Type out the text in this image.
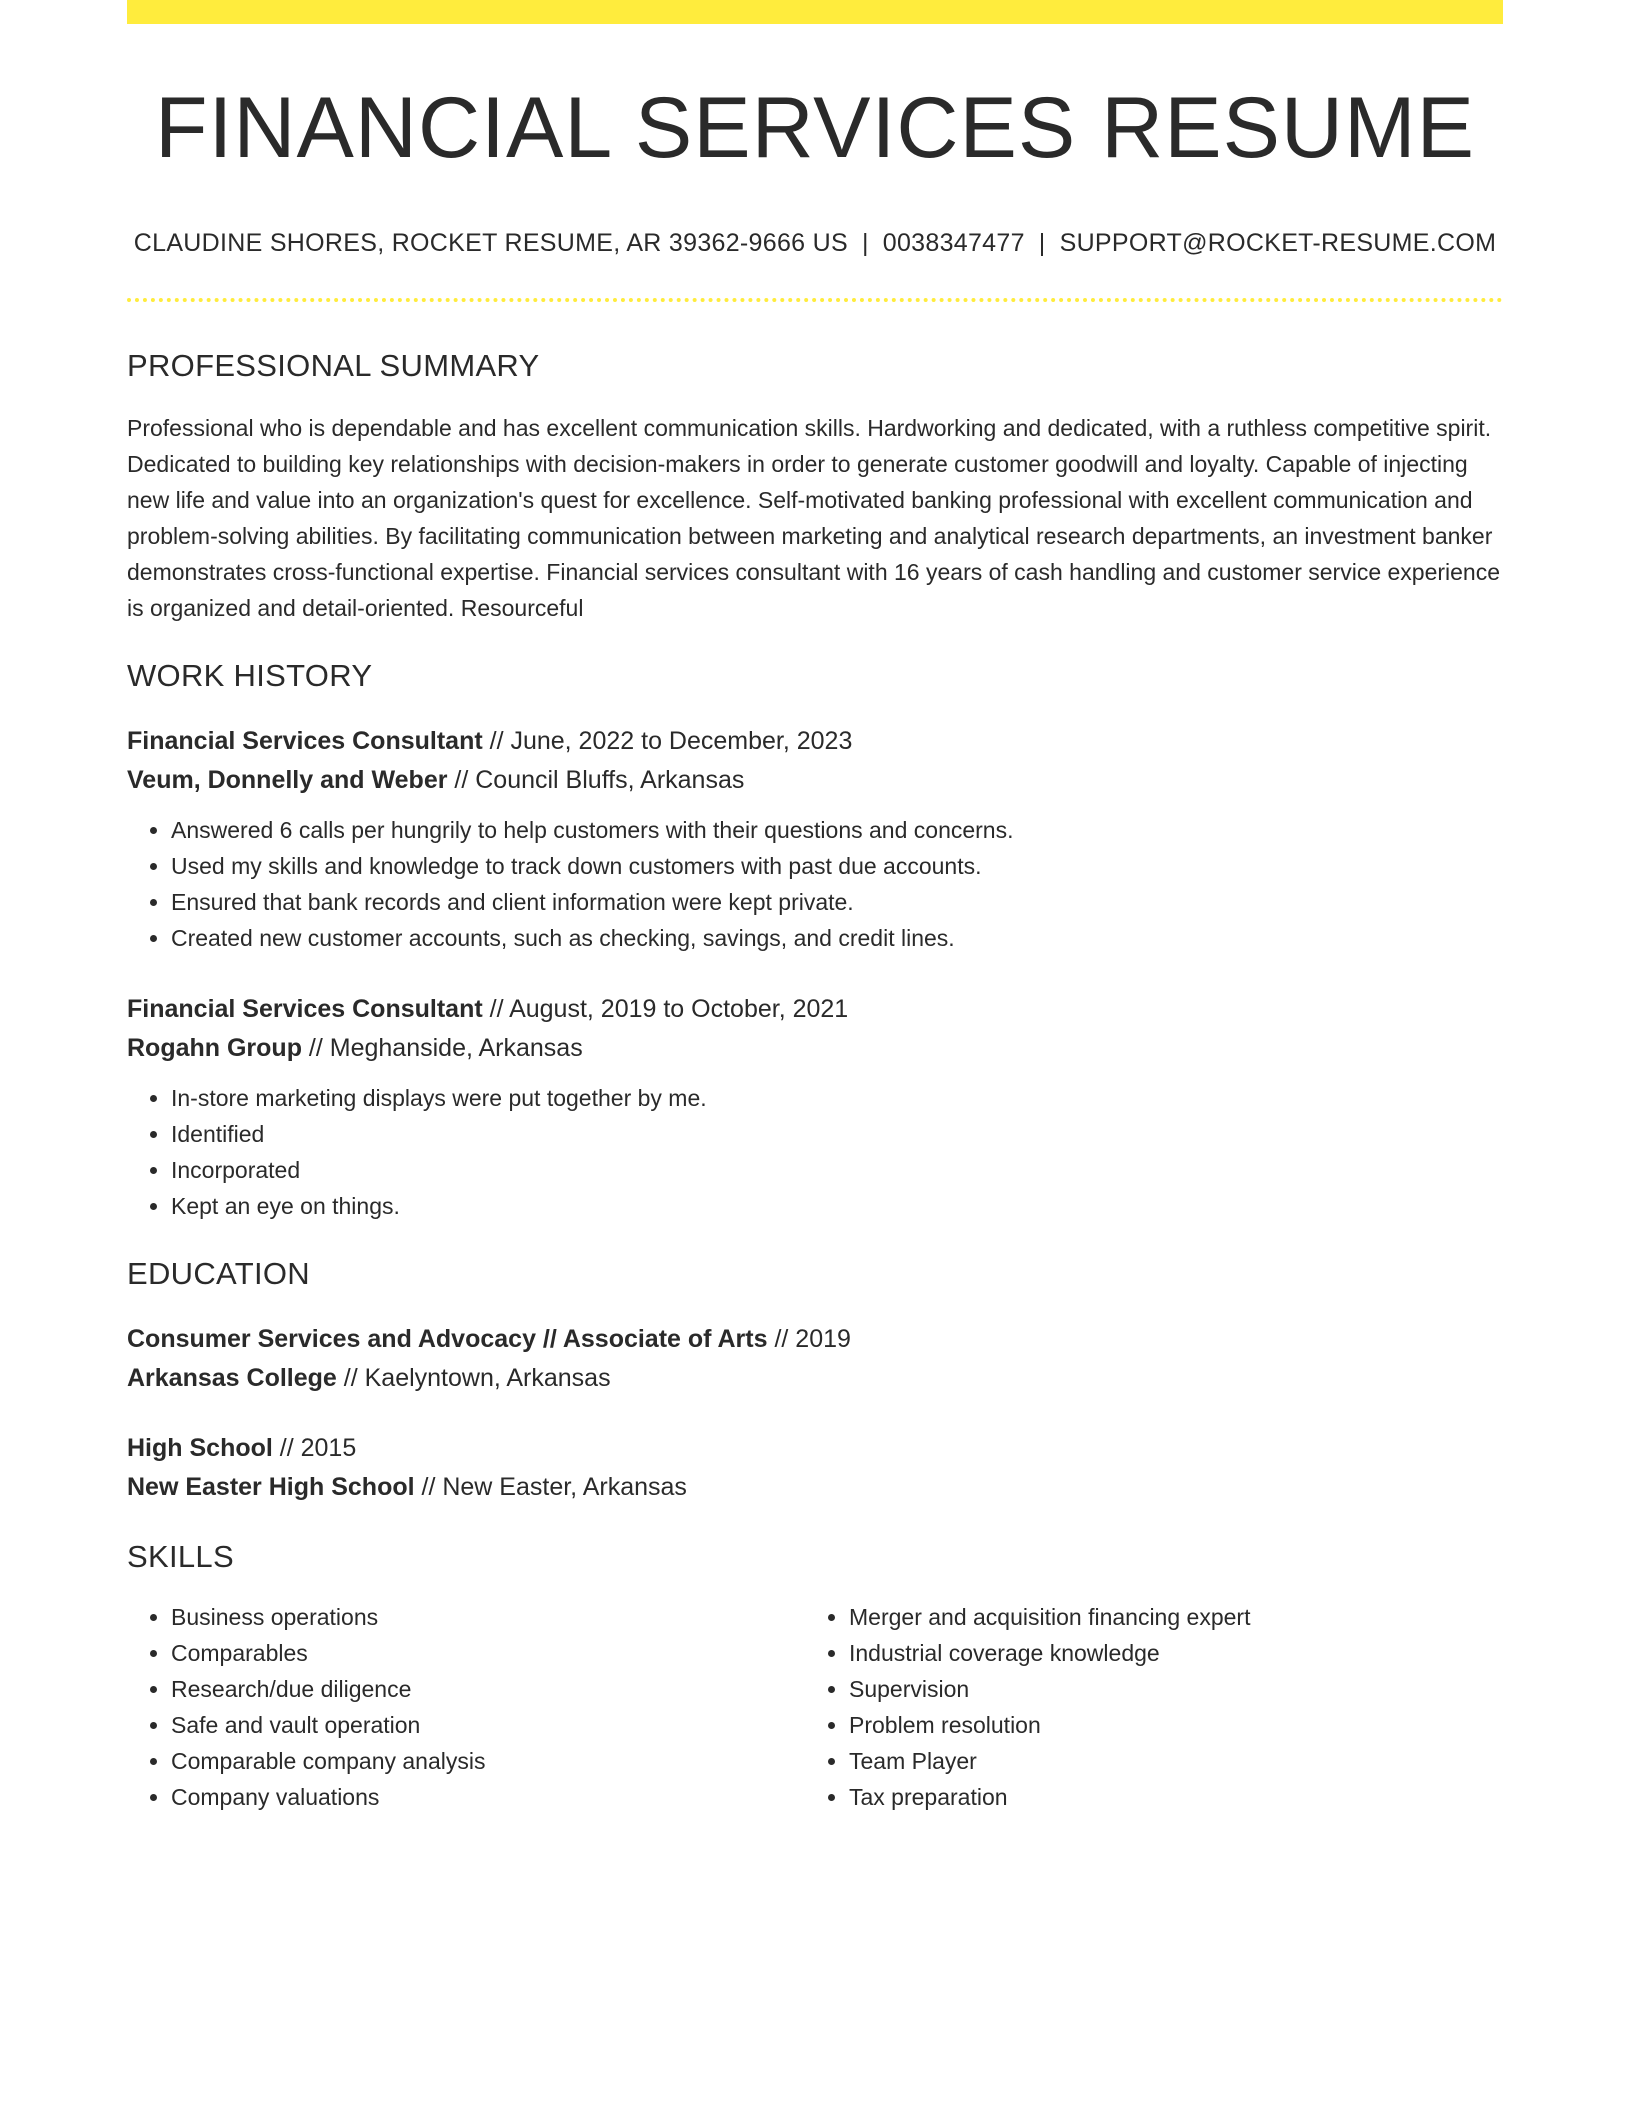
FINANCIAL SERVICES RESUME
CLAUDINE SHORES, ROCKET RESUME, AR 39362-9666 US | 0038347477 | SUPPORT@ROCKET-RESUME.COM
PROFESSIONAL SUMMARY
Professional who is dependable and has excellent communication skills. Hardworking and dedicated, with a ruthless competitive spirit. Dedicated to building key relationships with decision-makers in order to generate customer goodwill and loyalty. Capable of injecting new life and value into an organization's quest for excellence. Self-motivated banking professional with excellent communication and problem-solving abilities. By facilitating communication between marketing and analytical research departments, an investment banker demonstrates cross-functional expertise. Financial services consultant with 16 years of cash handling and customer service experience is organized and detail-oriented. Resourceful
WORK HISTORY
Financial Services Consultant // June, 2022 to December, 2023
Veum, Donnelly and Weber // Council Bluffs, Arkansas
• Answered 6 calls per hungrily to help customers with their questions and concerns.
• Used my skills and knowledge to track down customers with past due accounts.
• Ensured that bank records and client information were kept private.
• Created new customer accounts, such as checking, savings, and credit lines.
Financial Services Consultant // August, 2019 to October, 2021
Rogahn Group // Meghanside, Arkansas
• In-store marketing displays were put together by me.
• Identified
• Incorporated
• Kept an eye on things.
EDUCATION
Consumer Services and Advocacy // Associate of Arts // 2019
Arkansas College // Kaelyntown, Arkansas
High School // 2015
New Easter High School // New Easter, Arkansas
SKILLS
• Business operations
• Comparables
• Research/due diligence
• Safe and vault operation
• Comparable company analysis
• Company valuations
• Merger and acquisition financing expert
• Industrial coverage knowledge
• Supervision
• Problem resolution
• Team Player
• Tax preparation
